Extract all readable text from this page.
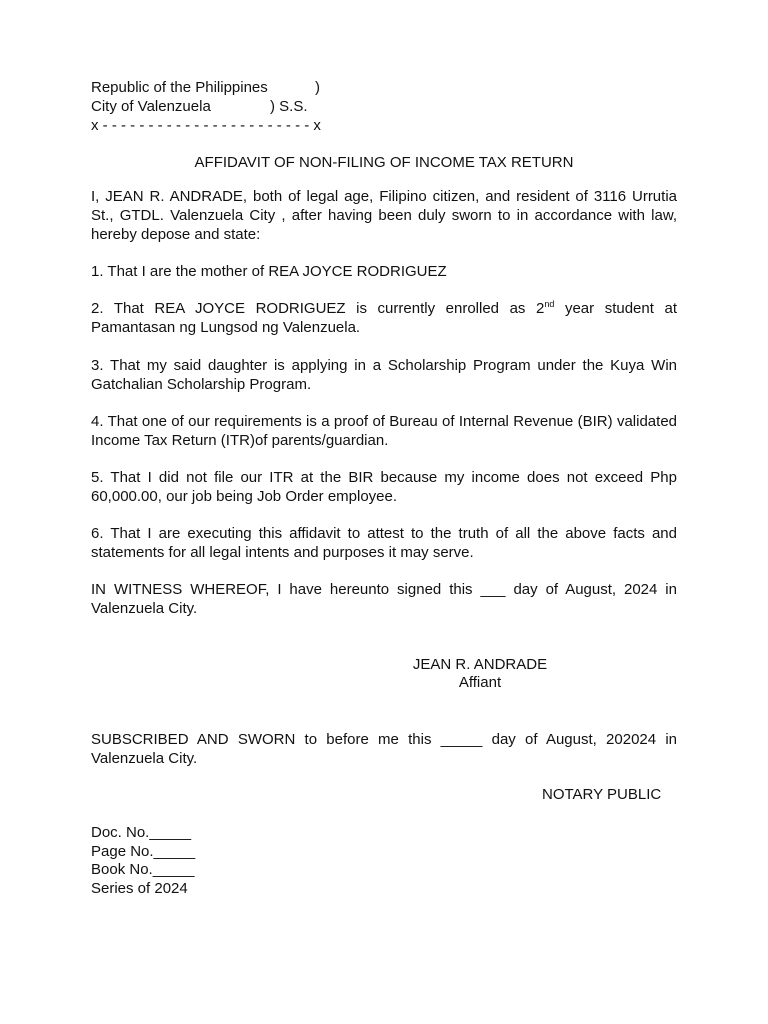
Republic of the Philippines	)
City of Valenzuela	) S.S.
x - - - - - - - - - - - - - - - - - - - - - - - x
AFFIDAVIT OF NON-FILING OF INCOME TAX RETURN
I, JEAN R. ANDRADE, both of legal age, Filipino citizen, and resident of 3116 Urrutia St., GTDL. Valenzuela City , after having been duly sworn to in accordance with law, hereby depose and state:
1. That I are the mother of REA JOYCE RODRIGUEZ
2. That REA JOYCE RODRIGUEZ is currently enrolled as 2nd year student at Pamantasan ng Lungsod ng Valenzuela.
3. That my said daughter is applying in a Scholarship Program under the Kuya Win Gatchalian Scholarship Program.
4. That one of our requirements is a proof of Bureau of Internal Revenue (BIR) validated Income Tax Return (ITR)of parents/guardian.
5. That I did not file our ITR at the BIR because my income does not exceed Php 60,000.00, our job being Job Order employee.
6. That I are executing this affidavit to attest to the truth of all the above facts and statements for all legal intents and purposes it may serve.
IN WITNESS WHEREOF, I have hereunto signed this ___ day of August, 2024 in Valenzuela City.
JEAN R. ANDRADE
Affiant
SUBSCRIBED AND SWORN to before me this _____ day of August, 202024 in Valenzuela City.
NOTARY PUBLIC
Doc. No._____
Page No._____
Book No._____
Series of 2024
